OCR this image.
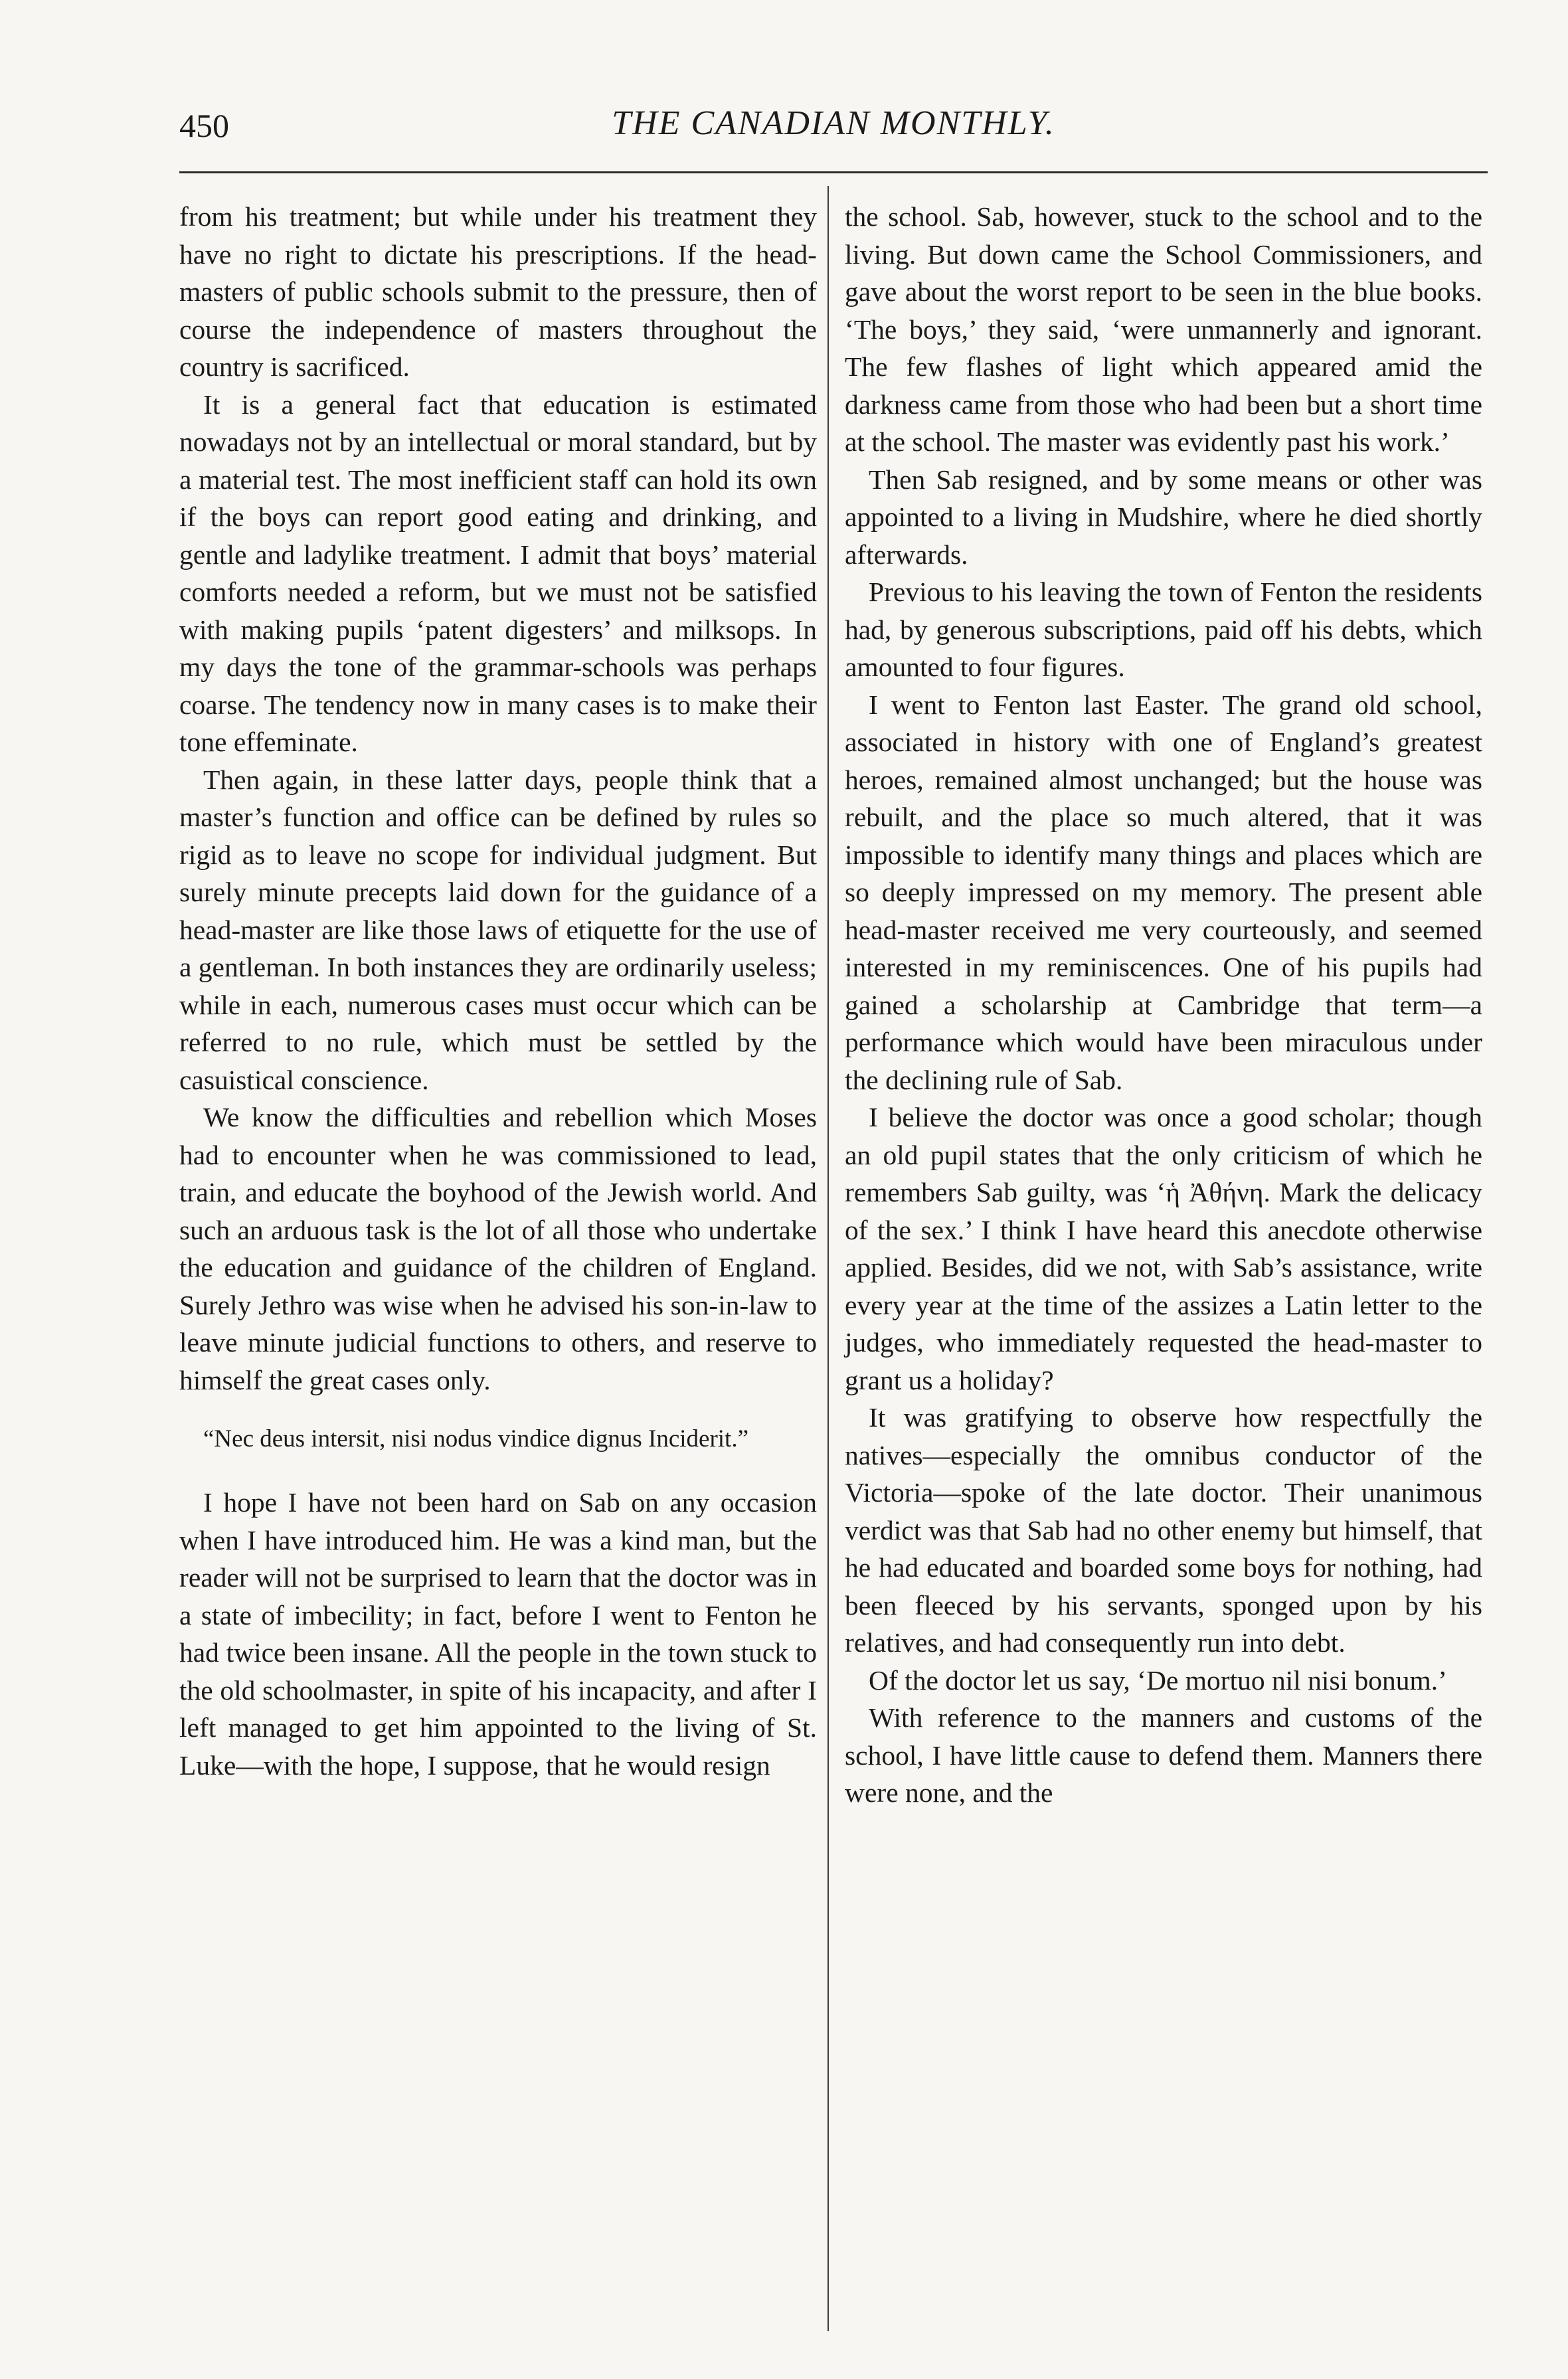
450	THE CANADIAN MONTHLY.

from his treatment; but while under his treatment they have no right to dictate his prescriptions. If the head-masters of public schools submit to the pressure, then of course the independence of masters throughout the country is sacrificed.

It is a general fact that education is estimated nowadays not by an intellectual or moral standard, but by a material test. The most inefficient staff can hold its own if the boys can report good eating and drinking, and gentle and ladylike treatment. I admit that boys’ material comforts needed a reform, but we must not be satisfied with making pupils ‘patent digesters’ and milksops. In my days the tone of the grammar-schools was perhaps coarse. The tendency now in many cases is to make their tone effeminate.

Then again, in these latter days, people think that a master’s function and office can be defined by rules so rigid as to leave no scope for individual judgment. But surely minute precepts laid down for the guidance of a head-master are like those laws of etiquette for the use of a gentleman. In both instances they are ordinarily useless; while in each, numerous cases must occur which can be referred to no rule, which must be settled by the casuistical conscience.

We know the difficulties and rebellion which Moses had to encounter when he was commissioned to lead, train, and educate the boyhood of the Jewish world. And such an arduous task is the lot of all those who undertake the education and guidance of the children of England. Surely Jethro was wise when he advised his son-in-law to leave minute judicial functions to others, and reserve to himself the great cases only.

“Nec deus intersit, nisi nodus vindice dignus Inciderit.”

I hope I have not been hard on Sab on any occasion when I have introduced him. He was a kind man, but the reader will not be surprised to learn that the doctor was in a state of imbecility; in fact, before I went to Fenton he had twice been insane. All the people in the town stuck to the old schoolmaster, in spite of his incapacity, and after I left managed to get him appointed to the living of St. Luke—with the hope, I suppose, that he would resign

the school. Sab, however, stuck to the school and to the living. But down came the School Commissioners, and gave about the worst report to be seen in the blue books. ‘The boys,’ they said, ‘were unmannerly and ignorant. The few flashes of light which appeared amid the darkness came from those who had been but a short time at the school. The master was evidently past his work.’

Then Sab resigned, and by some means or other was appointed to a living in Mudshire, where he died shortly afterwards.

Previous to his leaving the town of Fenton the residents had, by generous subscriptions, paid off his debts, which amounted to four figures.

I went to Fenton last Easter. The grand old school, associated in history with one of England’s greatest heroes, remained almost unchanged; but the house was rebuilt, and the place so much altered, that it was impossible to identify many things and places which are so deeply impressed on my memory. The present able head-master received me very courteously, and seemed interested in my reminiscences. One of his pupils had gained a scholarship at Cambridge that term—a performance which would have been miraculous under the declining rule of Sab.

I believe the doctor was once a good scholar; though an old pupil states that the only criticism of which he remembers Sab guilty, was ‘ἡ Ἀθήνη. Mark the delicacy of the sex.’ I think I have heard this anecdote otherwise applied. Besides, did we not, with Sab’s assistance, write every year at the time of the assizes a Latin letter to the judges, who immediately requested the head-master to grant us a holiday?

It was gratifying to observe how respectfully the natives—especially the omnibus conductor of the Victoria—spoke of the late doctor. Their unanimous verdict was that Sab had no other enemy but himself, that he had educated and boarded some boys for nothing, had been fleeced by his servants, sponged upon by his relatives, and had consequently run into debt.

Of the doctor let us say, ‘De mortuo nil nisi bonum.’

With reference to the manners and customs of the school, I have little cause to defend them. Manners there were none, and the
